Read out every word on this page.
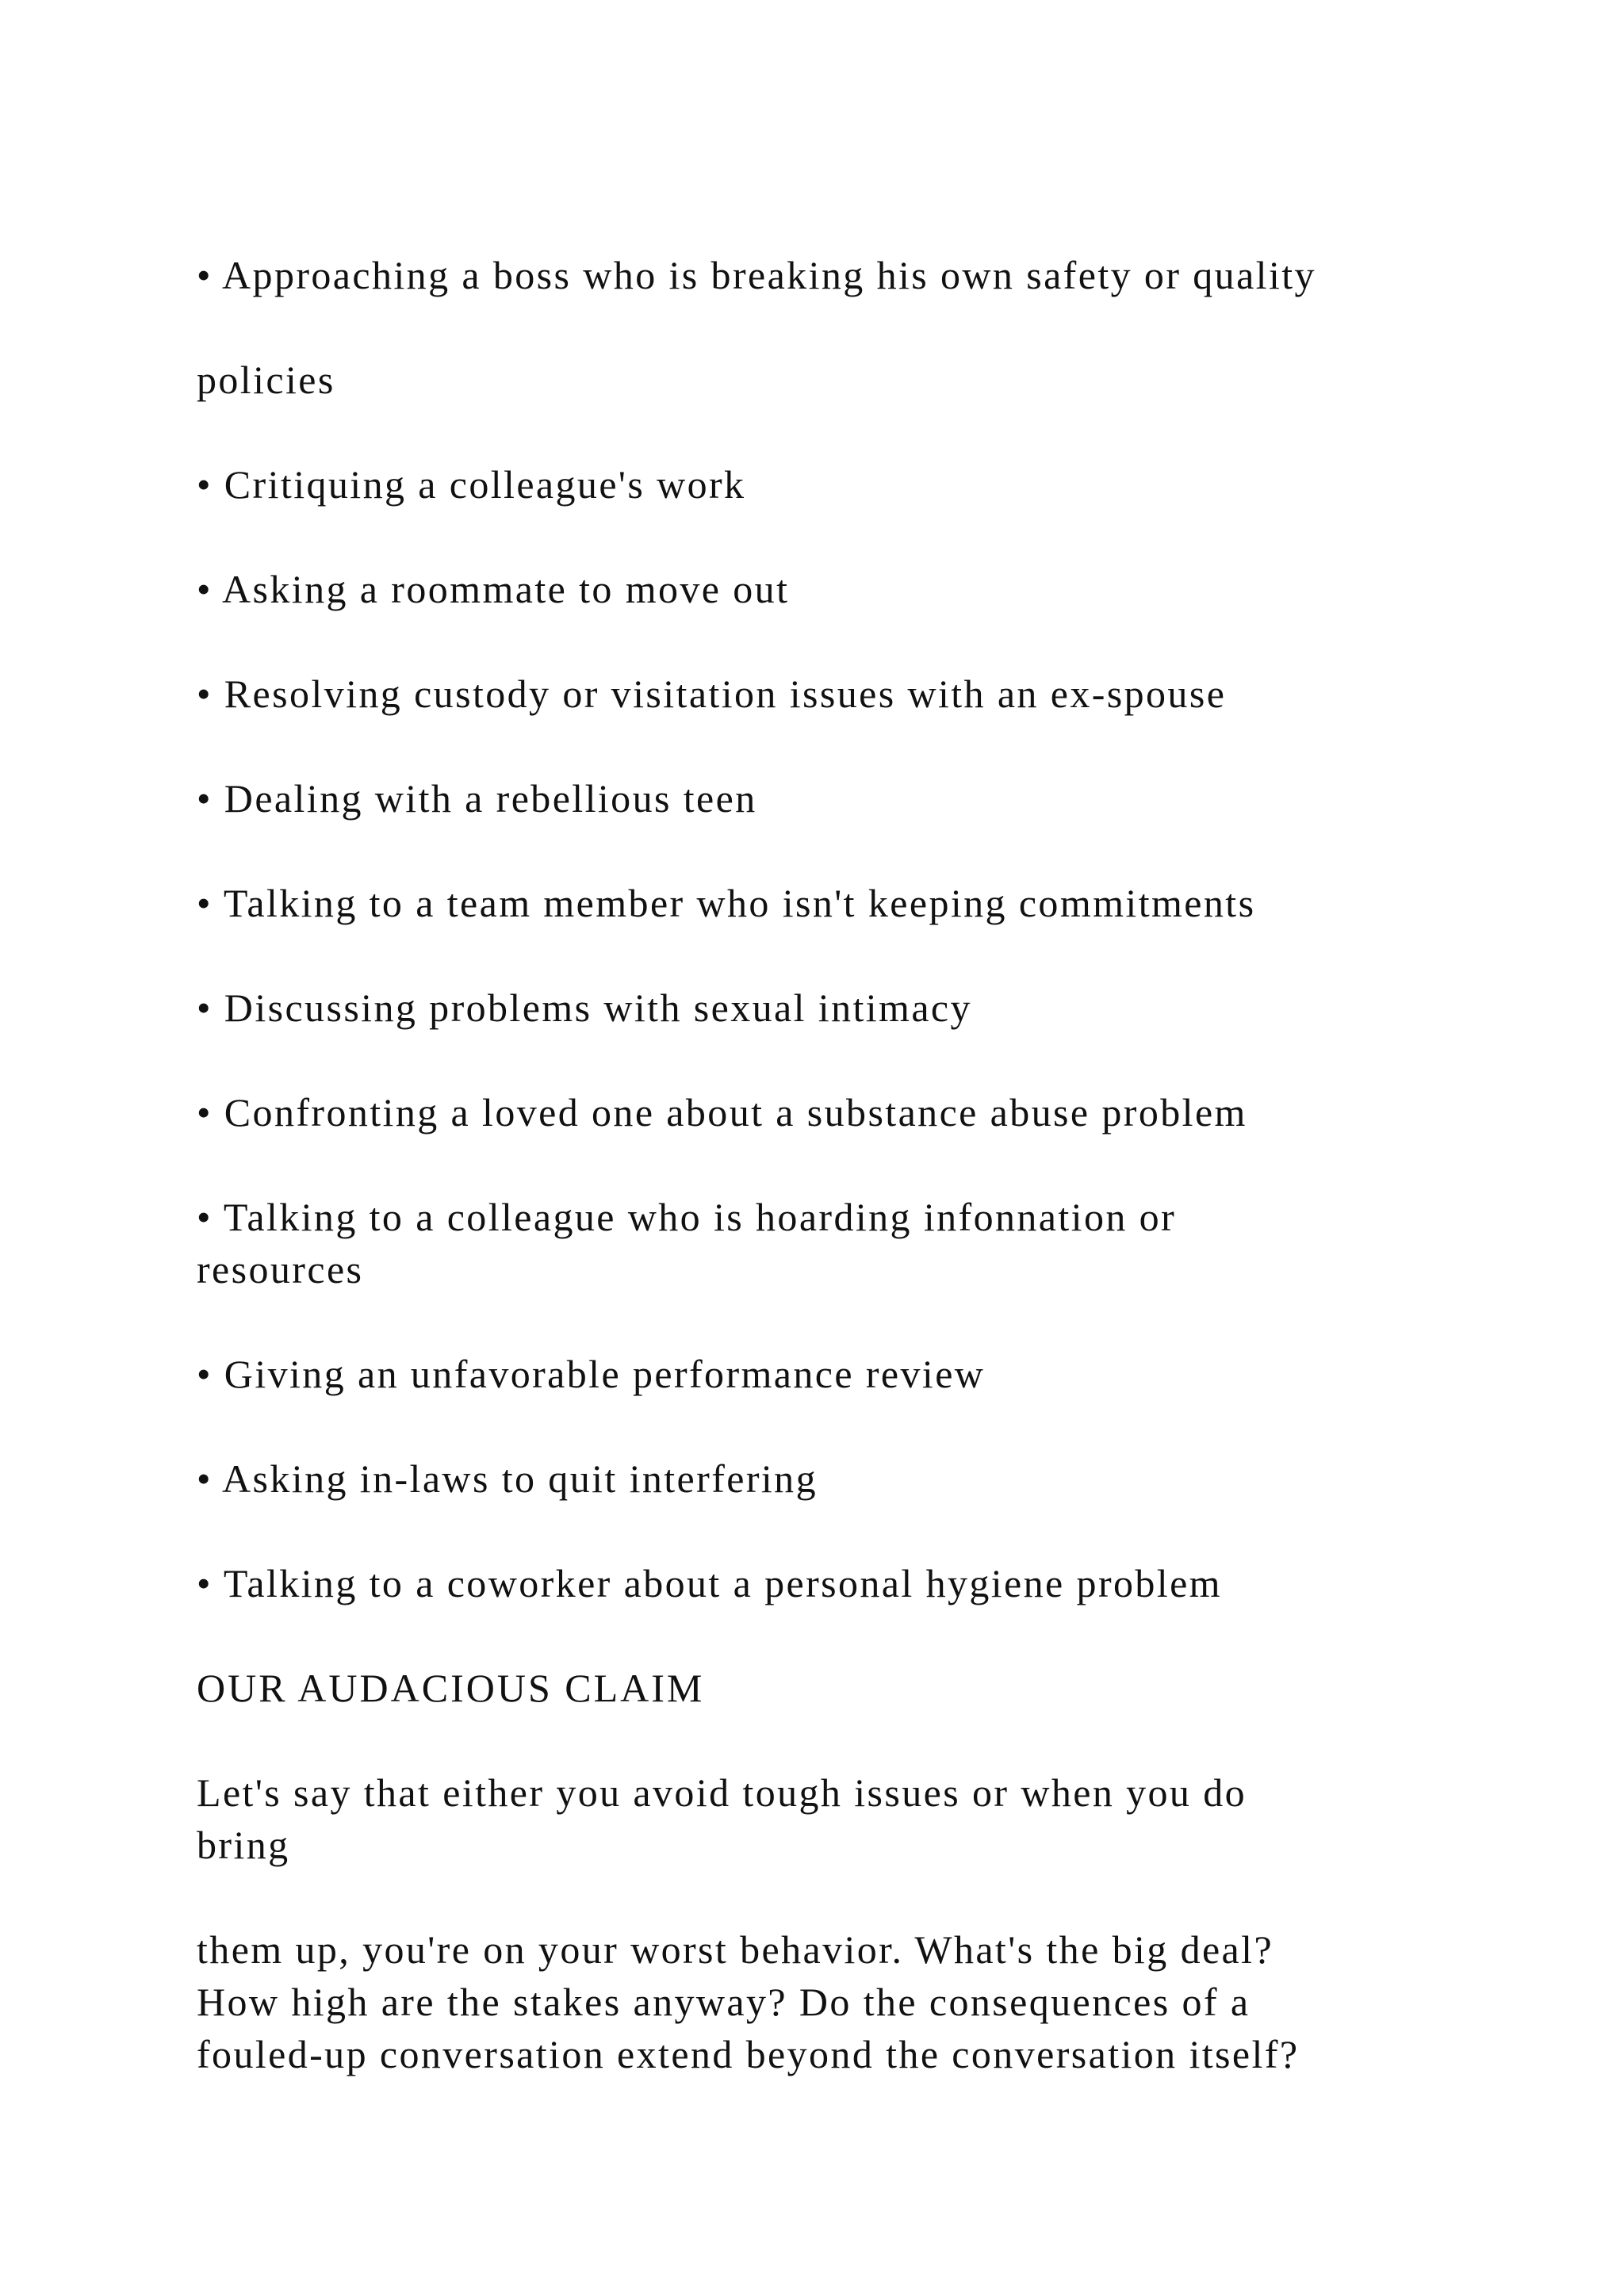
• Approaching a boss who is breaking his own safety or quality

policies

• Critiquing a colleague's work

• Asking a roommate to move out

• Resolving custody or visitation issues with an ex-spouse

• Dealing with a rebellious teen

• Talking to a team member who isn't keeping commitments

• Discussing problems with sexual intimacy

• Confronting a loved one about a substance abuse problem

• Talking to a colleague who is hoarding infonnation or

resources

• Giving an unfavorable performance review

• Asking in-laws to quit interfering

• Talking to a coworker about a personal hygiene problem

OUR AUDACIOUS CLAIM

Let's say that either you avoid tough issues or when you do

bring

them up, you're on your worst behavior. What's the big deal?

How high are the stakes anyway? Do the consequences of a

fouled-up conversation extend beyond the conversation itself?
